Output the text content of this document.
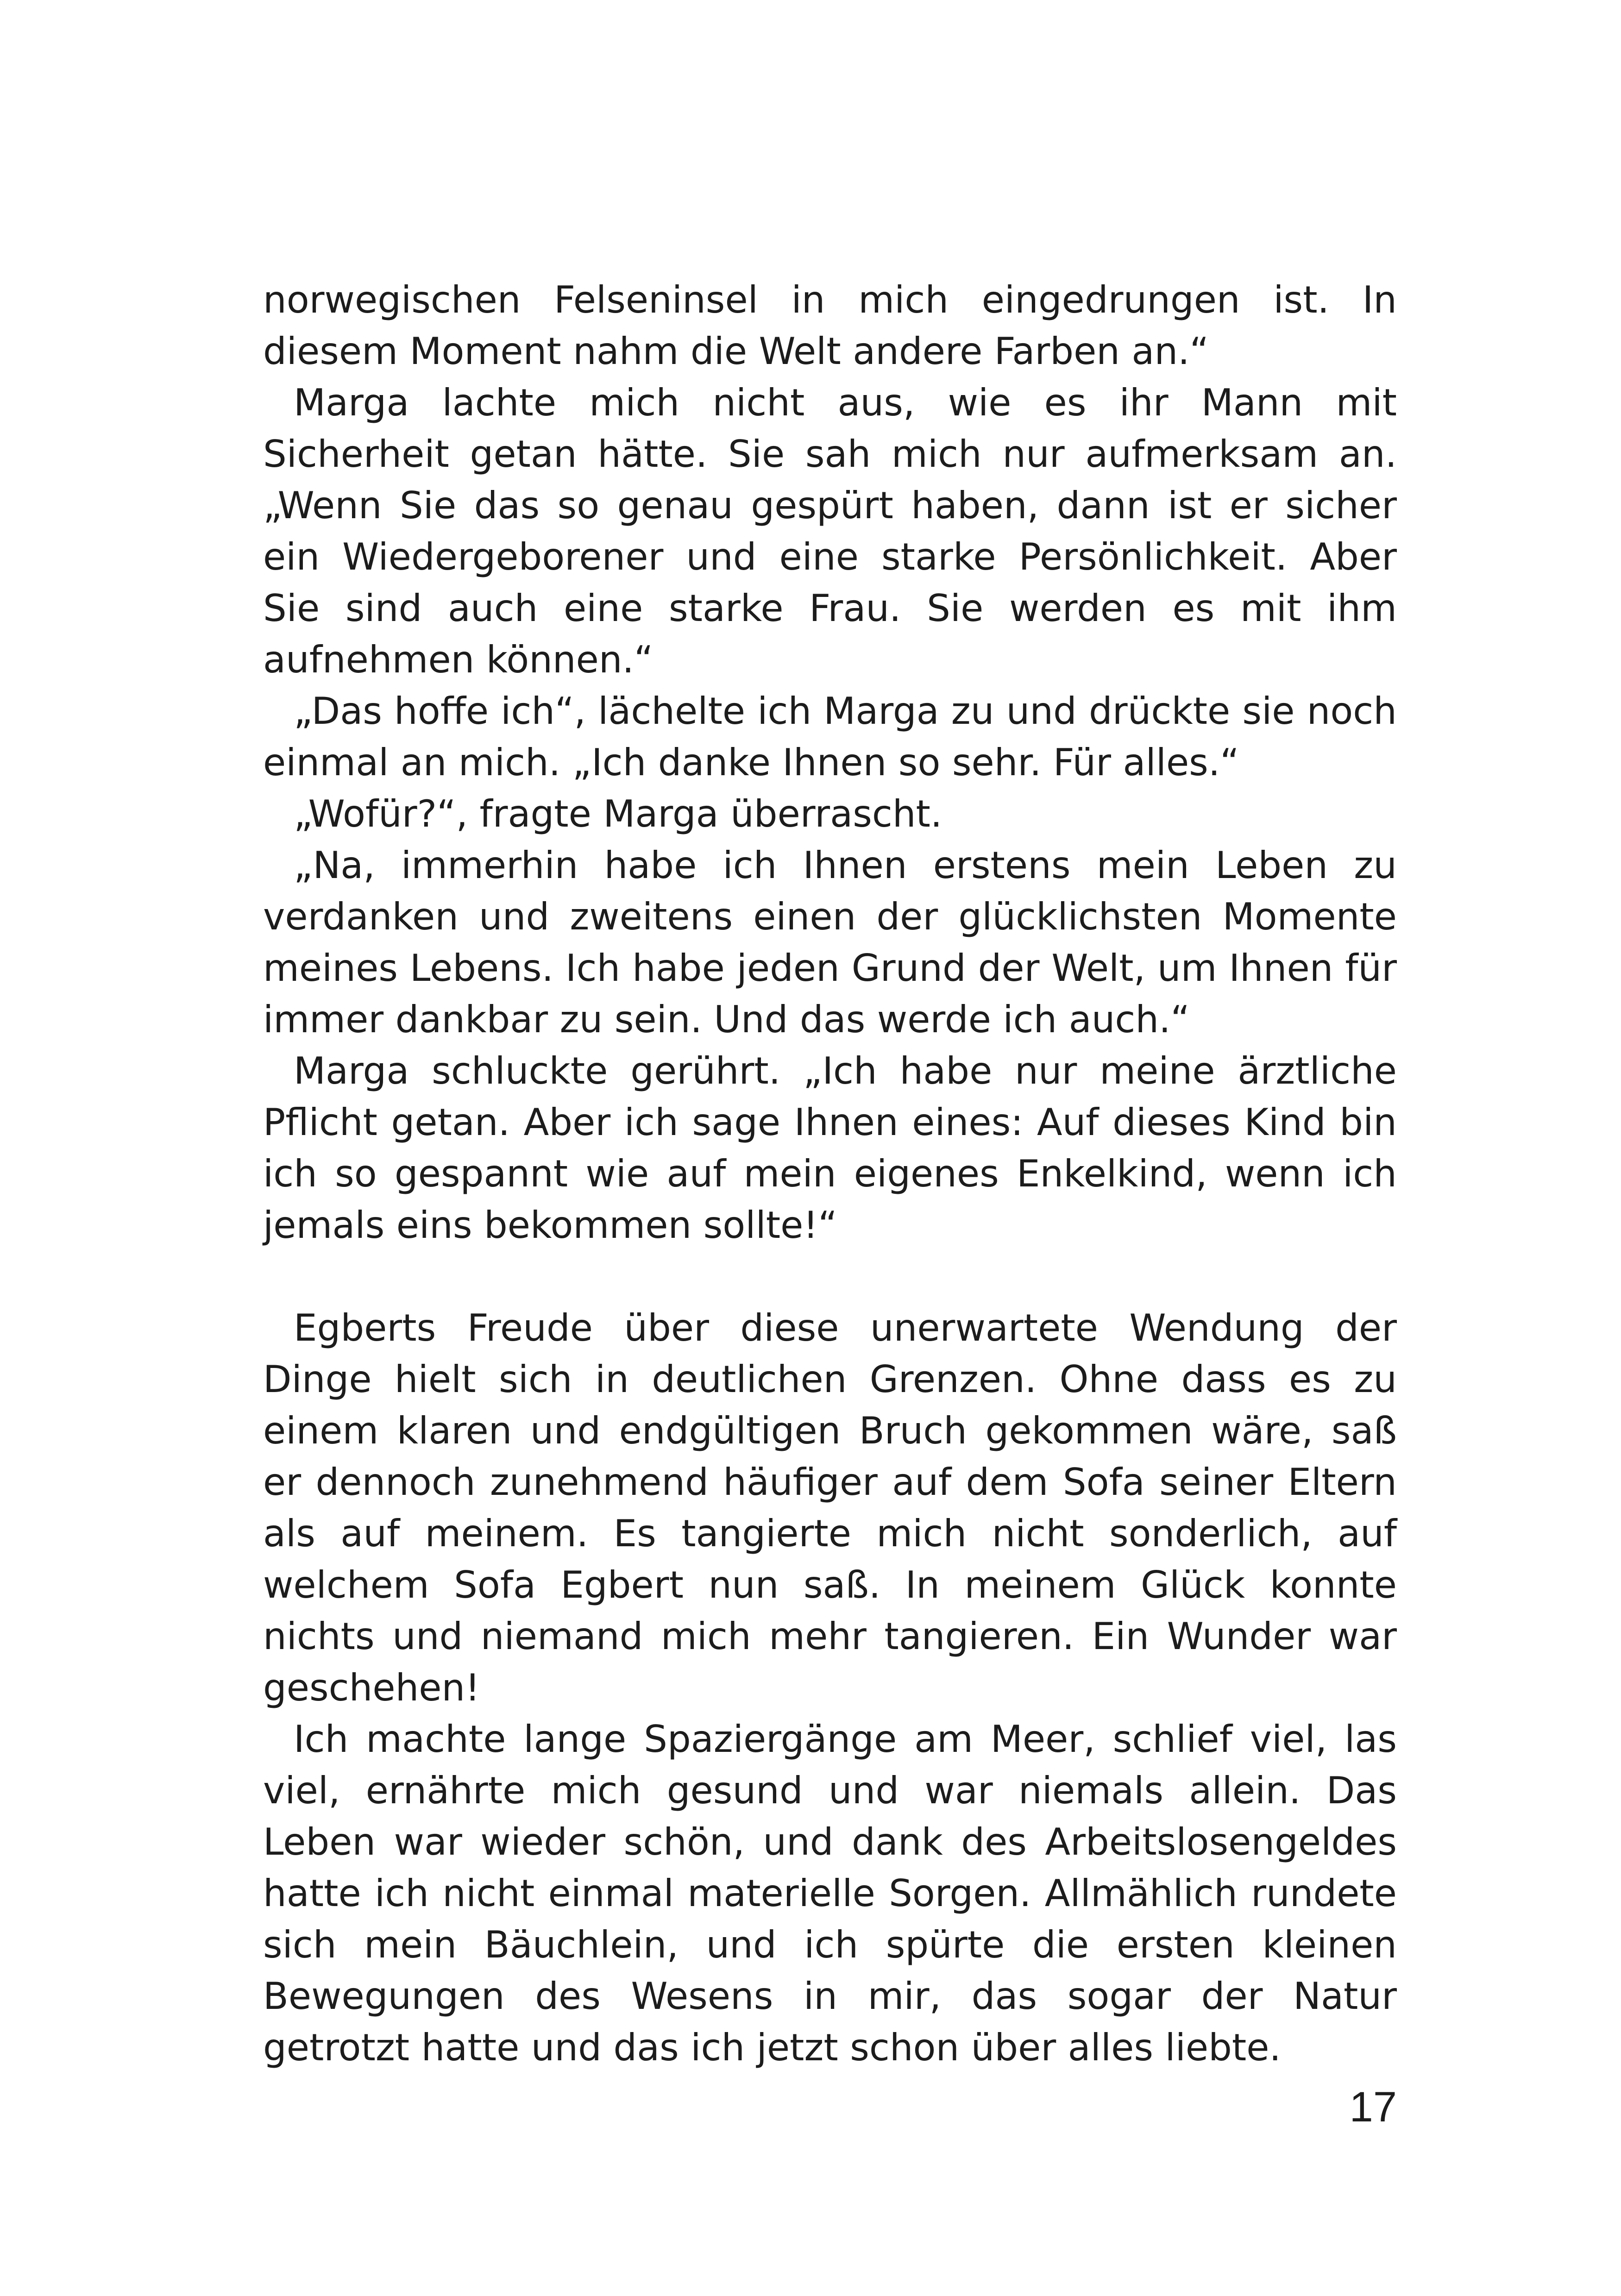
norwegischen Felseninsel in mich eingedrungen ist. In diesem Moment nahm die Welt andere Farben an.“

Marga lachte mich nicht aus, wie es ihr Mann mit Sicherheit getan hätte. Sie sah mich nur aufmerksam an. „Wenn Sie das so genau gespürt haben, dann ist er sicher ein Wiedergeborener und eine starke Persönlichkeit. Aber Sie sind auch eine starke Frau. Sie werden es mit ihm aufnehmen können.“

„Das hoffe ich“, lächelte ich Marga zu und drückte sie noch einmal an mich. „Ich danke Ihnen so sehr. Für alles.“

„Wofür?“, fragte Marga überrascht.

„Na, immerhin habe ich Ihnen erstens mein Leben zu verdanken und zweitens einen der glücklichsten Momente meines Lebens. Ich habe jeden Grund der Welt, um Ihnen für immer dankbar zu sein. Und das werde ich auch.“

Marga schluckte gerührt. „Ich habe nur meine ärztliche Pflicht getan. Aber ich sage Ihnen eines: Auf dieses Kind bin ich so gespannt wie auf mein eigenes Enkelkind, wenn ich jemals eins bekommen sollte!“

Egberts Freude über diese unerwartete Wendung der Dinge hielt sich in deutlichen Grenzen. Ohne dass es zu einem klaren und endgültigen Bruch gekommen wäre, saß er dennoch zunehmend häufiger auf dem Sofa seiner Eltern als auf meinem. Es tangierte mich nicht sonderlich, auf welchem Sofa Egbert nun saß. In meinem Glück konnte nichts und niemand mich mehr tangieren. Ein Wunder war geschehen!

Ich machte lange Spaziergänge am Meer, schlief viel, las viel, ernährte mich gesund und war niemals allein. Das Leben war wieder schön, und dank des Arbeitslosengeldes hatte ich nicht einmal materielle Sorgen. Allmählich rundete sich mein Bäuchlein, und ich spürte die ersten kleinen Bewegungen des Wesens in mir, das sogar der Natur getrotzt hatte und das ich jetzt schon über alles liebte.

17
